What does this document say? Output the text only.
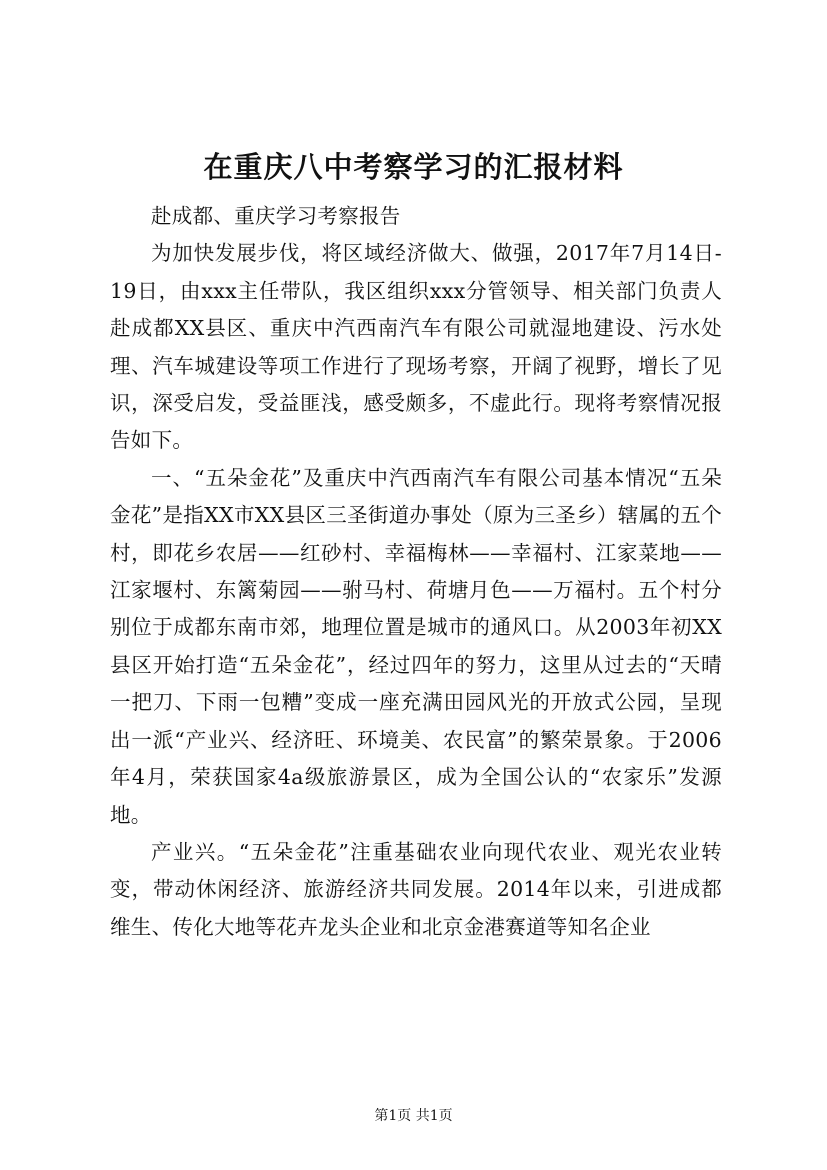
在重庆八中考察学习的汇报材料

赴成都、重庆学习考察报告

为加快发展步伐，将区域经济做大、做强，2017年7月14日-19日，由xxx主任带队，我区组织xxx分管领导、相关部门负责人赴成都XX县区、重庆中汽西南汽车有限公司就湿地建设、污水处理、汽车城建设等项工作进行了现场考察，开阔了视野，增长了见识，深受启发，受益匪浅，感受颇多，不虚此行。现将考察情况报告如下。

一、“五朵金花”及重庆中汽西南汽车有限公司基本情况“五朵金花”是指XX市XX县区三圣街道办事处（原为三圣乡）辖属的五个村，即花乡农居——红砂村、幸福梅林——幸福村、江家菜地——江家堰村、东篱菊园——驸马村、荷塘月色——万福村。五个村分别位于成都东南市郊，地理位置是城市的通风口。从2003年初XX县区开始打造“五朵金花”，经过四年的努力，这里从过去的“天晴一把刀、下雨一包糟”变成一座充满田园风光的开放式公园，呈现出一派“产业兴、经济旺、环境美、农民富”的繁荣景象。于2006年4月，荣获国家4a级旅游景区，成为全国公认的“农家乐”发源地。

产业兴。“五朵金花”注重基础农业向现代农业、观光农业转变，带动休闲经济、旅游经济共同发展。2014年以来，引进成都维生、传化大地等花卉龙头企业和北京金港赛道等知名企业

第1页 共1页
